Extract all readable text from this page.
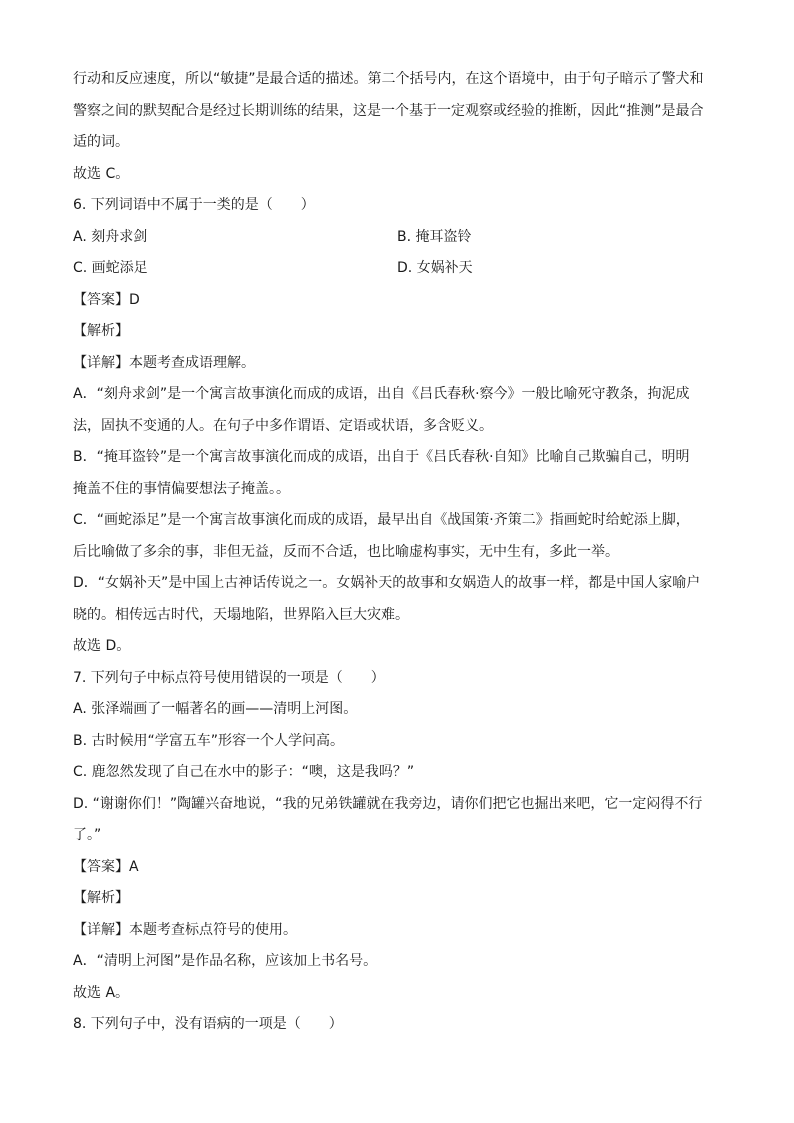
行动和反应速度，所以“敏捷”是最合适的描述。第二个括号内，在这个语境中，由于句子暗示了警犬和
警察之间的默契配合是经过长期训练的结果，这是一个基于一定观察或经验的推断，因此“推测”是最合
适的词。
故选 C。
6. 下列词语中不属于一类的是（　　）
A. 刻舟求剑	B. 掩耳盗铃
C. 画蛇添足	D. 女娲补天
【答案】D
【解析】
【详解】本题考查成语理解。
A．“刻舟求剑”是一个寓言故事演化而成的成语，出自《吕氏春秋·察今》一般比喻死守教条，拘泥成
法，固执不变通的人。在句子中多作谓语、定语或状语，多含贬义。
B．“掩耳盗铃”是一个寓言故事演化而成的成语，出自于《吕氏春秋·自知》比喻自己欺骗自己，明明
掩盖不住的事情偏要想法子掩盖。。
C．“画蛇添足”是一个寓言故事演化而成的成语，最早出自《战国策·齐策二》指画蛇时给蛇添上脚，
后比喻做了多余的事，非但无益，反而不合适，也比喻虚构事实，无中生有，多此一举。
D．“女娲补天”是中国上古神话传说之一。女娲补天的故事和女娲造人的故事一样，都是中国人家喻户
晓的。相传远古时代，天塌地陷，世界陷入巨大灾难。
故选 D。
7. 下列句子中标点符号使用错误的一项是（　　）
A. 张泽端画了一幅著名的画——清明上河图。
B. 古时候用“学富五车”形容一个人学问高。
C. 鹿忽然发现了自己在水中的影子：“噢，这是我吗？”
D. “谢谢你们！”陶罐兴奋地说，“我的兄弟铁罐就在我旁边，请你们把它也掘出来吧，它一定闷得不行
了。”
【答案】A
【解析】
【详解】本题考查标点符号的使用。
A．“清明上河图”是作品名称，应该加上书名号。
故选 A。
8. 下列句子中，没有语病的一项是（　　）
